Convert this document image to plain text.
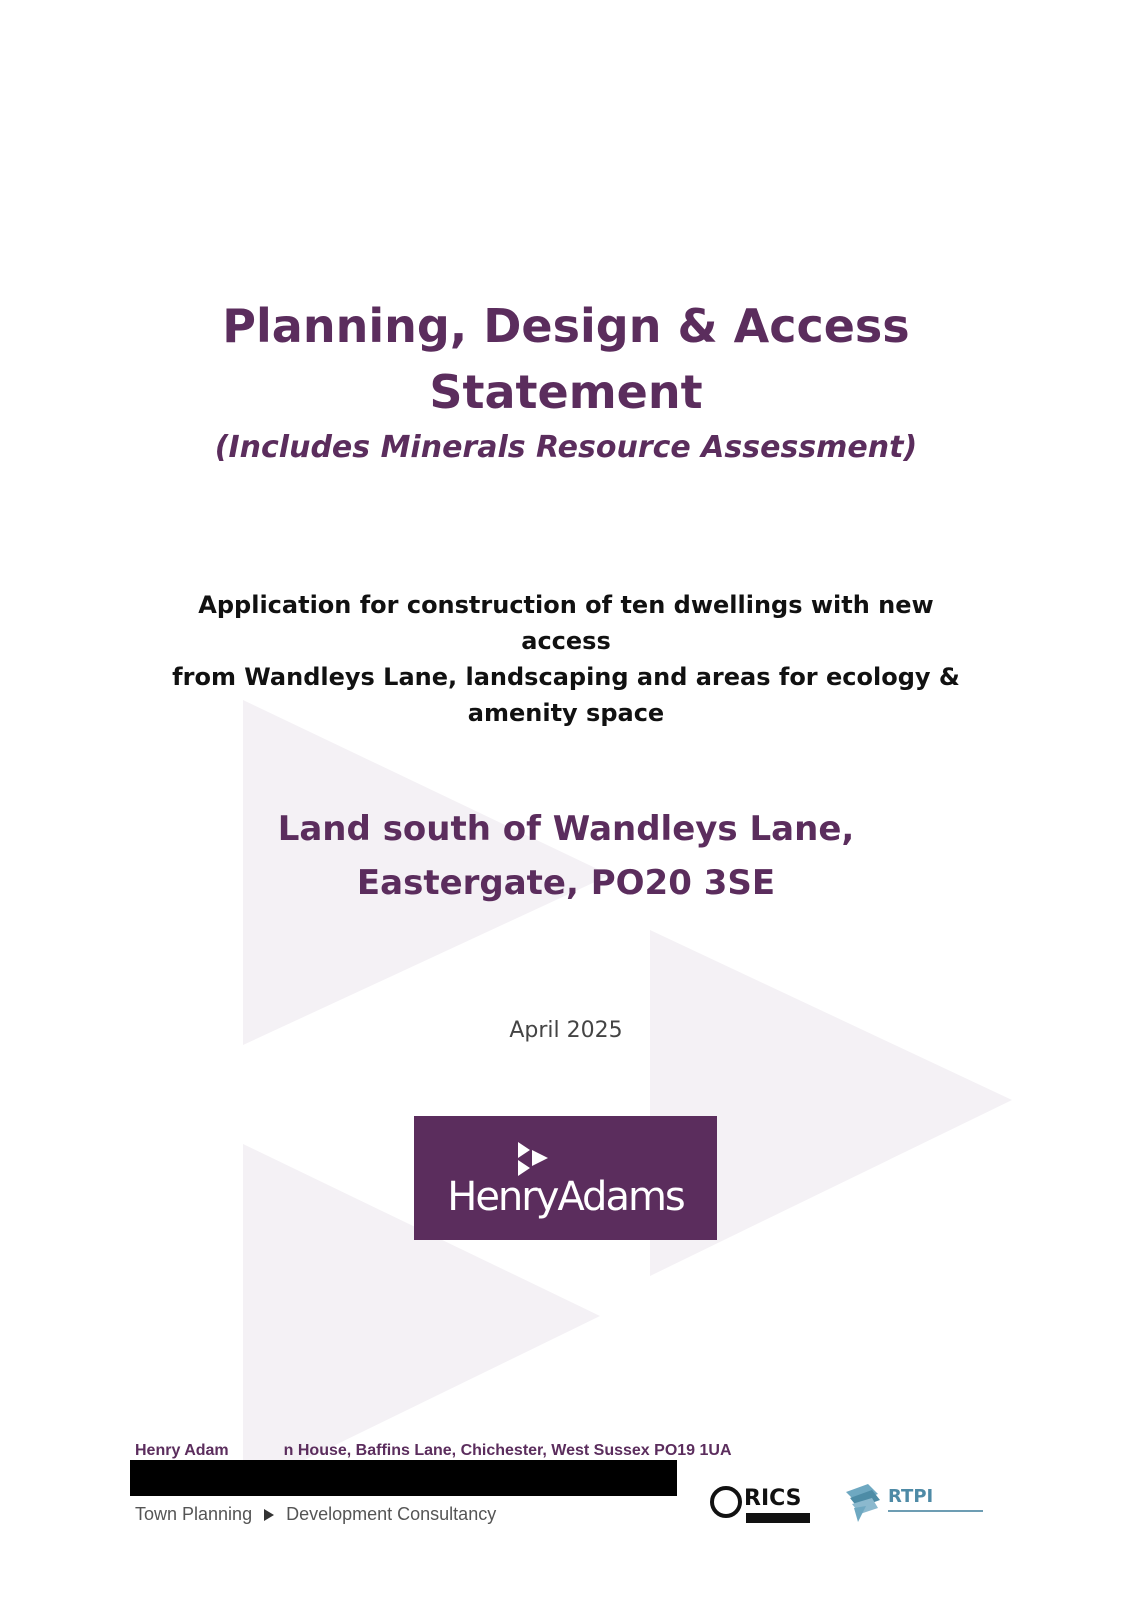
Planning, Design & Access
Statement
(Includes Minerals Resource Assessment)
Application for construction of ten dwellings with new access
from Wandleys Lane, landscaping and areas for ecology &
amenity space
Land south of Wandleys Lane,
Eastergate, PO20 3SE
April 2025
HenryAdams
Henry Adam	n House, Baffins Lane, Chichester, West Sussex PO19 1UA
Town Planning Development Consultancy
RICS	RTPI
